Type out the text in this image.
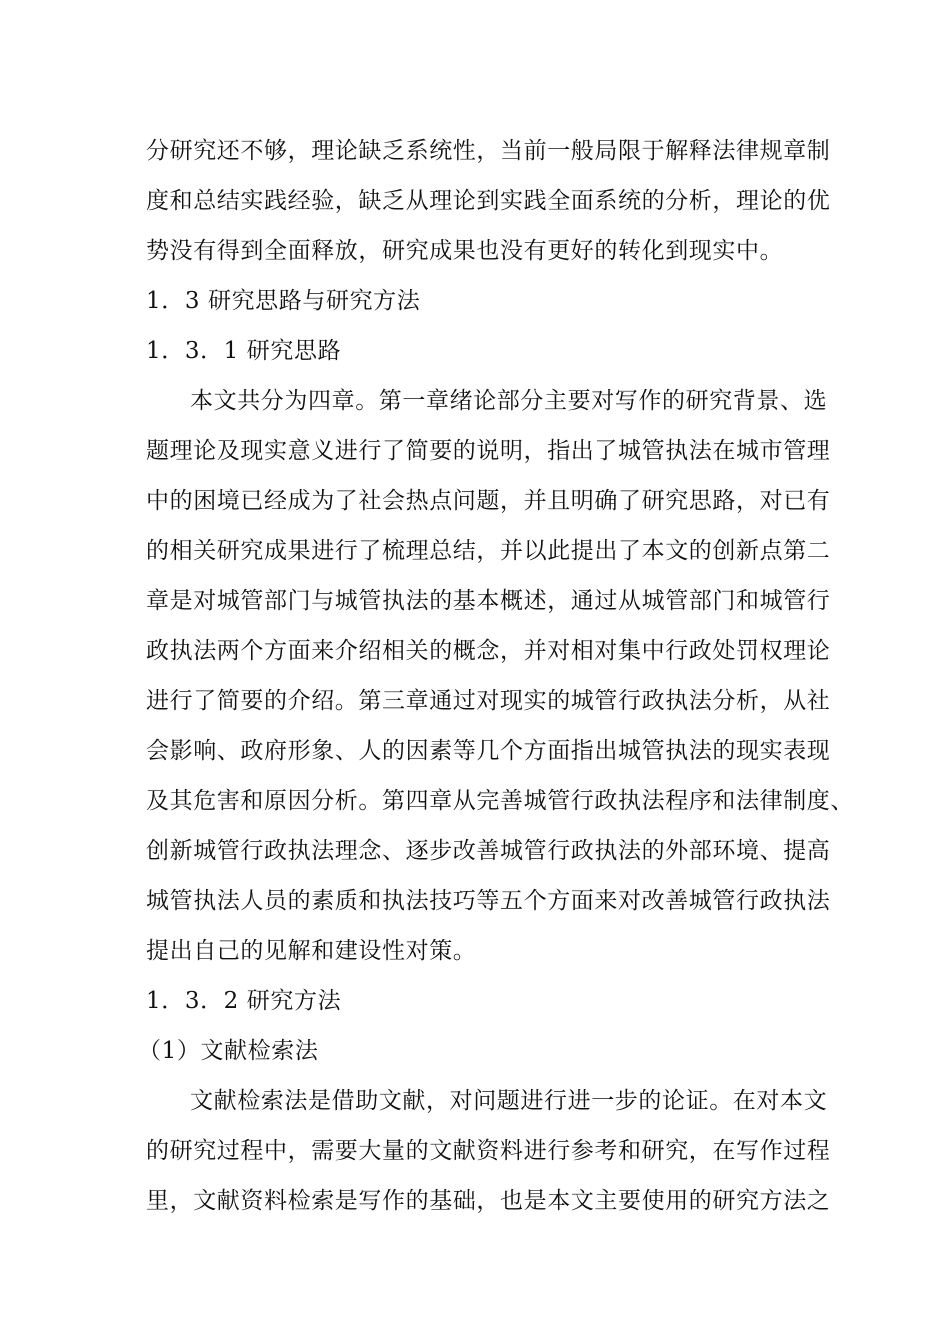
分研究还不够，理论缺乏系统性，当前一般局限于解释法律规章制
度和总结实践经验，缺乏从理论到实践全面系统的分析，理论的优
势没有得到全面释放，研究成果也没有更好的转化到现实中。
1．3 研究思路与研究方法
1．3．1 研究思路
本文共分为四章。第一章绪论部分主要对写作的研究背景、选
题理论及现实意义进行了简要的说明，指出了城管执法在城市管理
中的困境已经成为了社会热点问题，并且明确了研究思路，对已有
的相关研究成果进行了梳理总结，并以此提出了本文的创新点第二
章是对城管部门与城管执法的基本概述，通过从城管部门和城管行
政执法两个方面来介绍相关的概念，并对相对集中行政处罚权理论
进行了简要的介绍。第三章通过对现实的城管行政执法分析，从社
会影响、政府形象、人的因素等几个方面指出城管执法的现实表现
及其危害和原因分析。第四章从完善城管行政执法程序和法律制度、
创新城管行政执法理念、逐步改善城管行政执法的外部环境、提高
城管执法人员的素质和执法技巧等五个方面来对改善城管行政执法
提出自己的见解和建设性对策。
1．3．2 研究方法
（1）文献检索法
文献检索法是借助文献，对问题进行进一步的论证。在对本文
的研究过程中，需要大量的文献资料进行参考和研究，在写作过程
里，文献资料检索是写作的基础，也是本文主要使用的研究方法之
